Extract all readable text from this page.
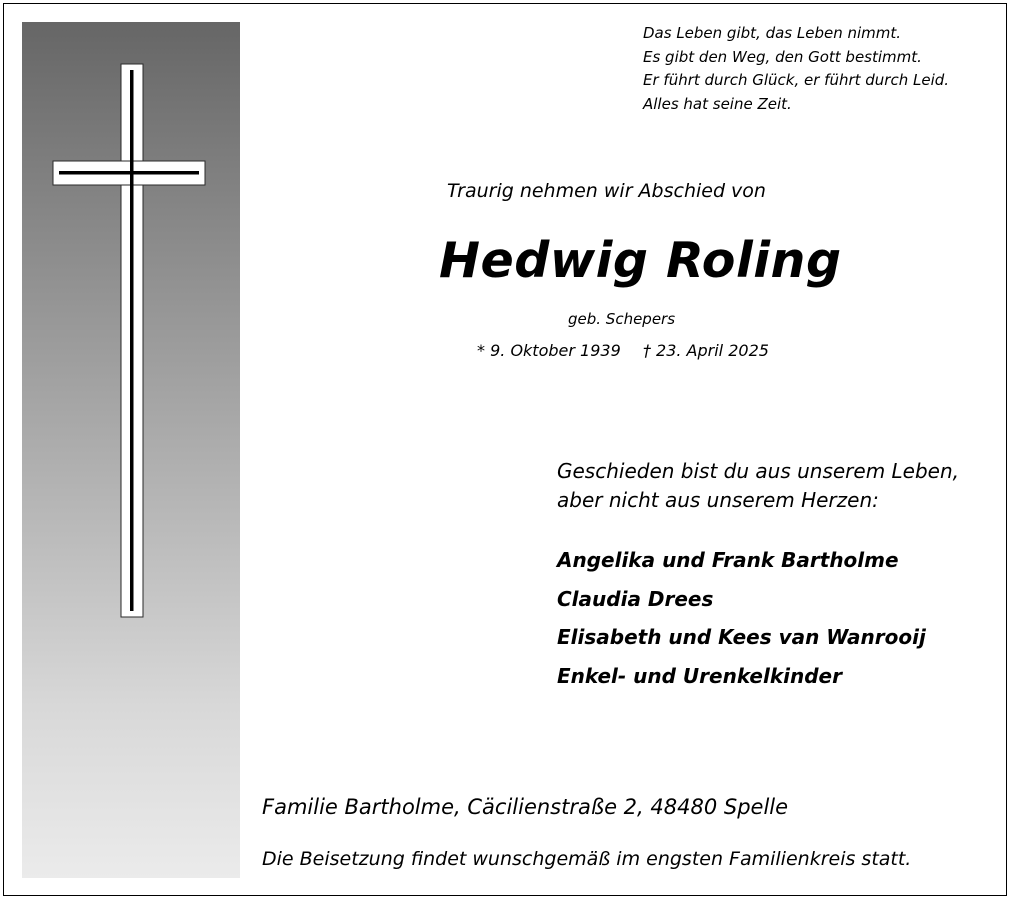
Das Leben gibt, das Leben nimmt.
Es gibt den Weg, den Gott bestimmt.
Er führt durch Glück, er führt durch Leid.
Alles hat seine Zeit.
Traurig nehmen wir Abschied von
Hedwig Roling
geb. Schepers
* 9. Oktober 1939 † 23. April 2025
Geschieden bist du aus unserem Leben,
aber nicht aus unserem Herzen:
Angelika und Frank Bartholme
Claudia Drees
Elisabeth und Kees van Wanrooij
Enkel- und Urenkelkinder
Familie Bartholme, Cäcilienstraße 2, 48480 Spelle
Die Beisetzung findet wunschgemäß im engsten Familienkreis statt.
